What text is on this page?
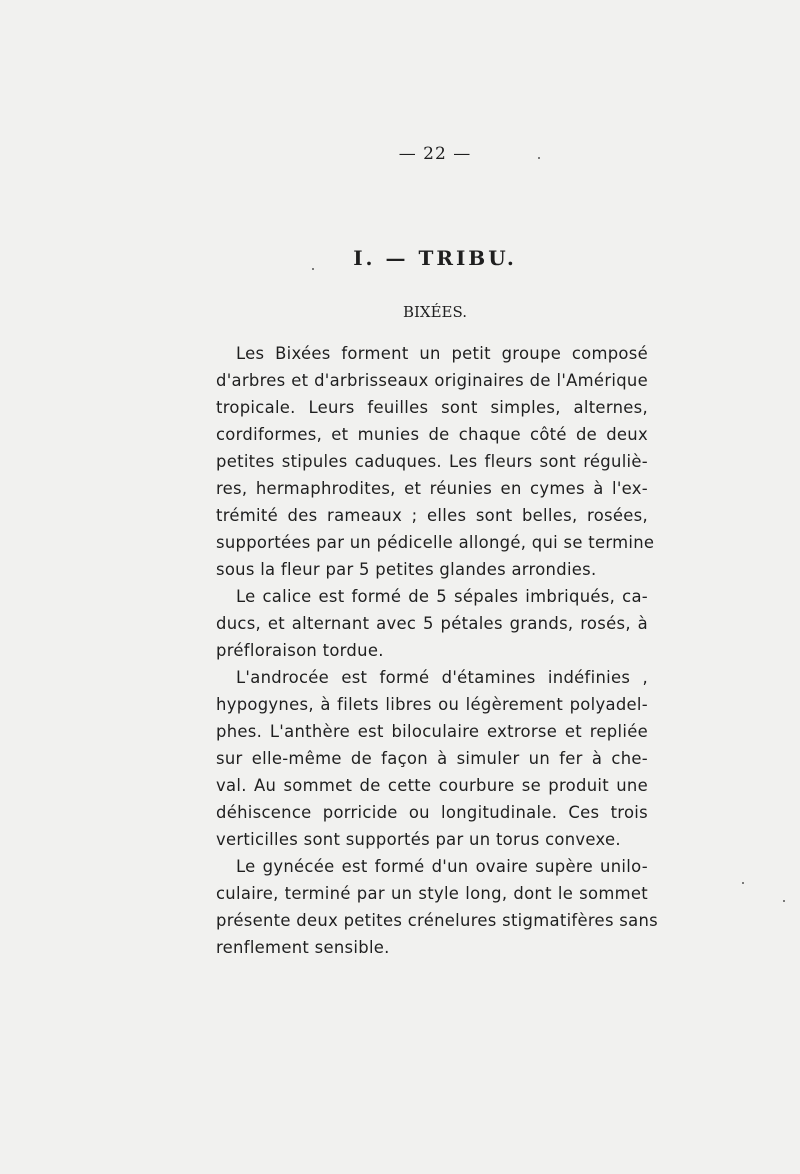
— 22 —
I. — TRIBU.
BIXÉES.

Les Bixées forment un petit groupe composé
d'arbres et d'arbrisseaux originaires de l'Amérique
tropicale. Leurs feuilles sont simples, alternes,
cordiformes, et munies de chaque côté de deux
petites stipules caduques. Les fleurs sont réguliè-
res, hermaphrodites, et réunies en cymes à l'ex-
trémité des rameaux ; elles sont belles, rosées,
supportées par un pédicelle allongé, qui se termine
sous la fleur par 5 petites glandes arrondies.

Le calice est formé de 5 sépales imbriqués, ca-
ducs, et alternant avec 5 pétales grands, rosés, à
préfloraison tordue.

L'androcée est formé d'étamines indéfinies ,
hypogynes, à filets libres ou légèrement polyadel-
phes. L'anthère est biloculaire extrorse et repliée
sur elle-même de façon à simuler un fer à che-
val. Au sommet de cette courbure se produit une
déhiscence porricide ou longitudinale. Ces trois
verticilles sont supportés par un torus convexe.

Le gynécée est formé d'un ovaire supère unilo-
culaire, terminé par un style long, dont le sommet
présente deux petites crénelures stigmatifères sans
renflement sensible.
